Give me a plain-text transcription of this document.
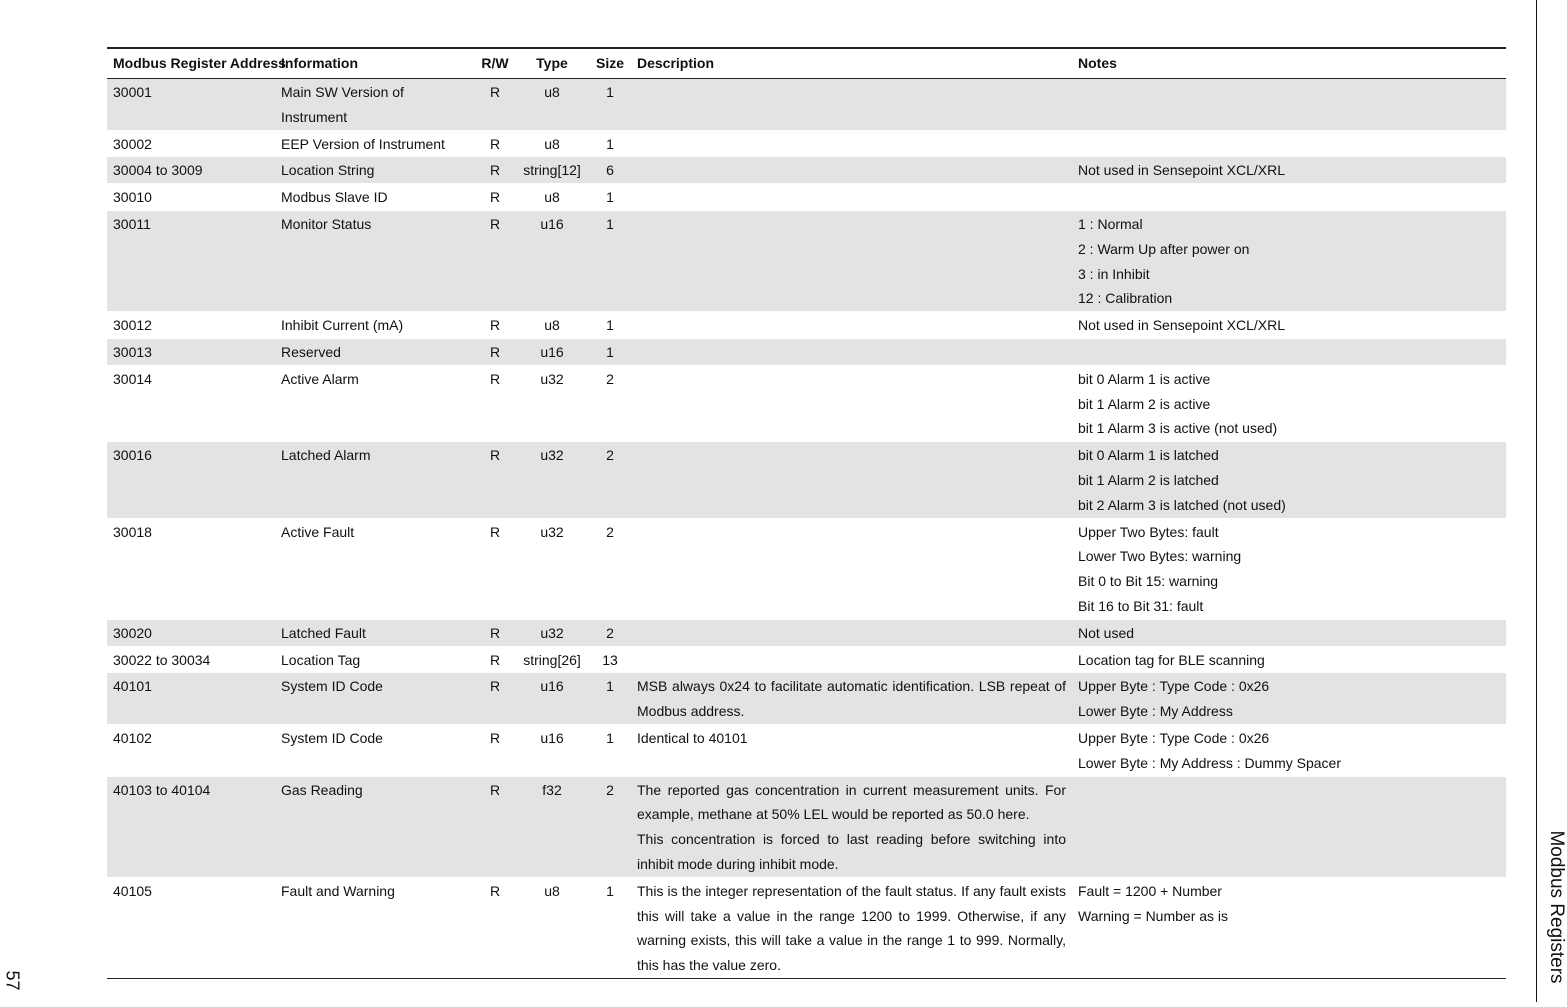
Modbus Register Address	Information	R/W	Type	Size	Description	Notes
30001	Main SW Version of Instrument	R	u8	1		
30002	EEP Version of Instrument	R	u8	1		
30004 to 3009	Location String	R	string[12]	6		Not used in Sensepoint XCL/XRL

30010	Modbus Slave ID	R	u8	1		
30011	Monitor Status	R	u16	1		1 : Normal
2 : Warm Up after power on
3 : in Inhibit
12 : Calibration

30012	Inhibit Current (mA)	R	u8	1		Not used in Sensepoint XCL/XRL

30013	Reserved	R	u16	1		
30014	Active Alarm	R	u32	2		bit 0 Alarm 1 is active
bit 1 Alarm 2 is active
bit 1 Alarm 3 is active (not used)

30016	Latched Alarm	R	u32	2		bit 0 Alarm 1 is latched
bit 1 Alarm 2 is latched
bit 2 Alarm 3 is latched (not used)

30018	Active Fault	R	u32	2		Upper Two Bytes: fault
Lower Two Bytes: warning
Bit 0 to Bit 15: warning
Bit 16 to Bit 31: fault

30020	Latched Fault	R	u32	2		Not used

30022 to 30034	Location Tag	R	string[26]	13		Location tag for BLE scanning

40101	System ID Code	R	u16	1	MSB always 0x24 to facilitate automatic identification. LSB repeat of Modbus address.	Upper Byte : Type Code : 0x26
Lower Byte : My Address

40102	System ID Code	R	u16	1	Identical to 40101	Upper Byte : Type Code : 0x26
Lower Byte : My Address : Dummy Spacer

40103 to 40104	Gas Reading	R	f32	2	The reported gas concentration in current measurement units. For example, methane at 50% LEL would be reported as 50.0 here.
This concentration is forced to last reading before switching into inhibit mode during inhibit mode.	

40105	Fault and Warning	R	u8	1	This is the integer representation of the fault status. If any fault exists this will take a value in the range 1200 to 1999. Otherwise, if any warning exists, this will take a value in the range 1 to 999. Normally, this has the value zero.	Fault = 1200 + Number
Warning = Number as is
57	Modbus Registers
